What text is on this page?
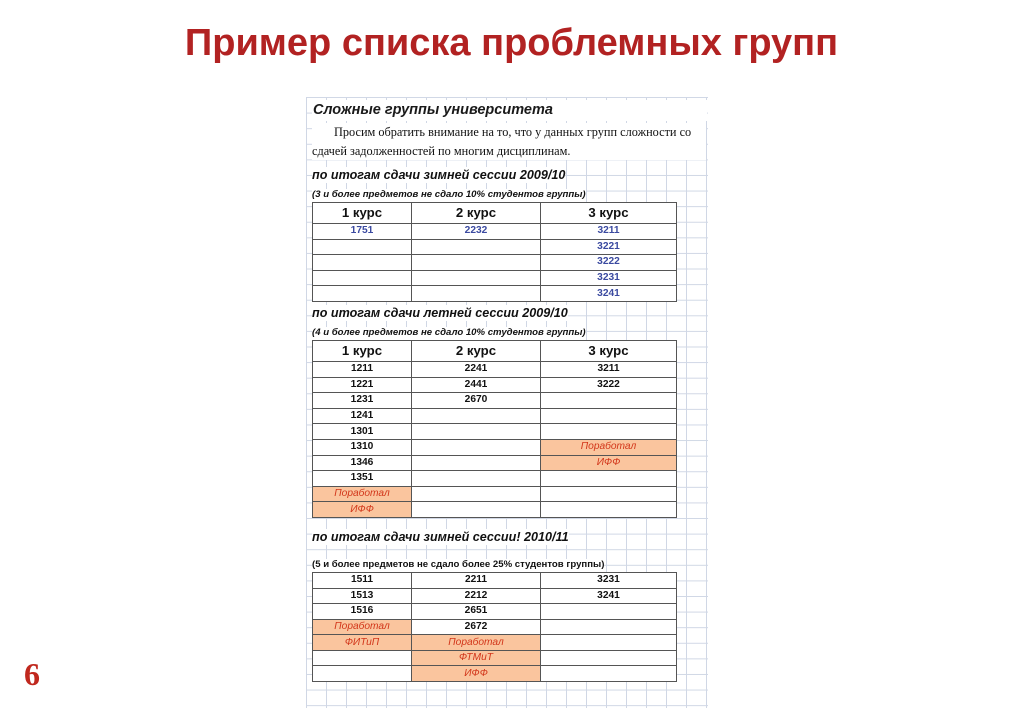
Пример списка проблемных групп
Сложные группы университета
Просим обратить внимание на то, что у данных групп сложности со сдачей задолженностей по многим дисциплинам.
по итогам сдачи зимней сессии 2009/10
(3 и более предметов не сдало 10% студентов группы)
1 курс	2 курс	3 курс
1751	2232	3211
		3221
		3222
		3231
		3241
по итогам сдачи летней сессии 2009/10
(4 и более предметов не сдало 10% студентов группы)
1 курс	2 курс	3 курс
1211	2241	3211
1221	2441	3222
1231	2670	
1241		
1301		
1310		Поработал
1346		ИФФ
1351		
Поработал		
ИФФ		
по итогам сдачи зимней сессии! 2010/11

(5 и более предметов не сдало более 25% студентов группы)
1511	2211	3231
1513	2212	3241
1516	2651	
Поработал	2672	
ФИТиП	Поработал	
	ФТМиТ	
	ИФФ	
6
